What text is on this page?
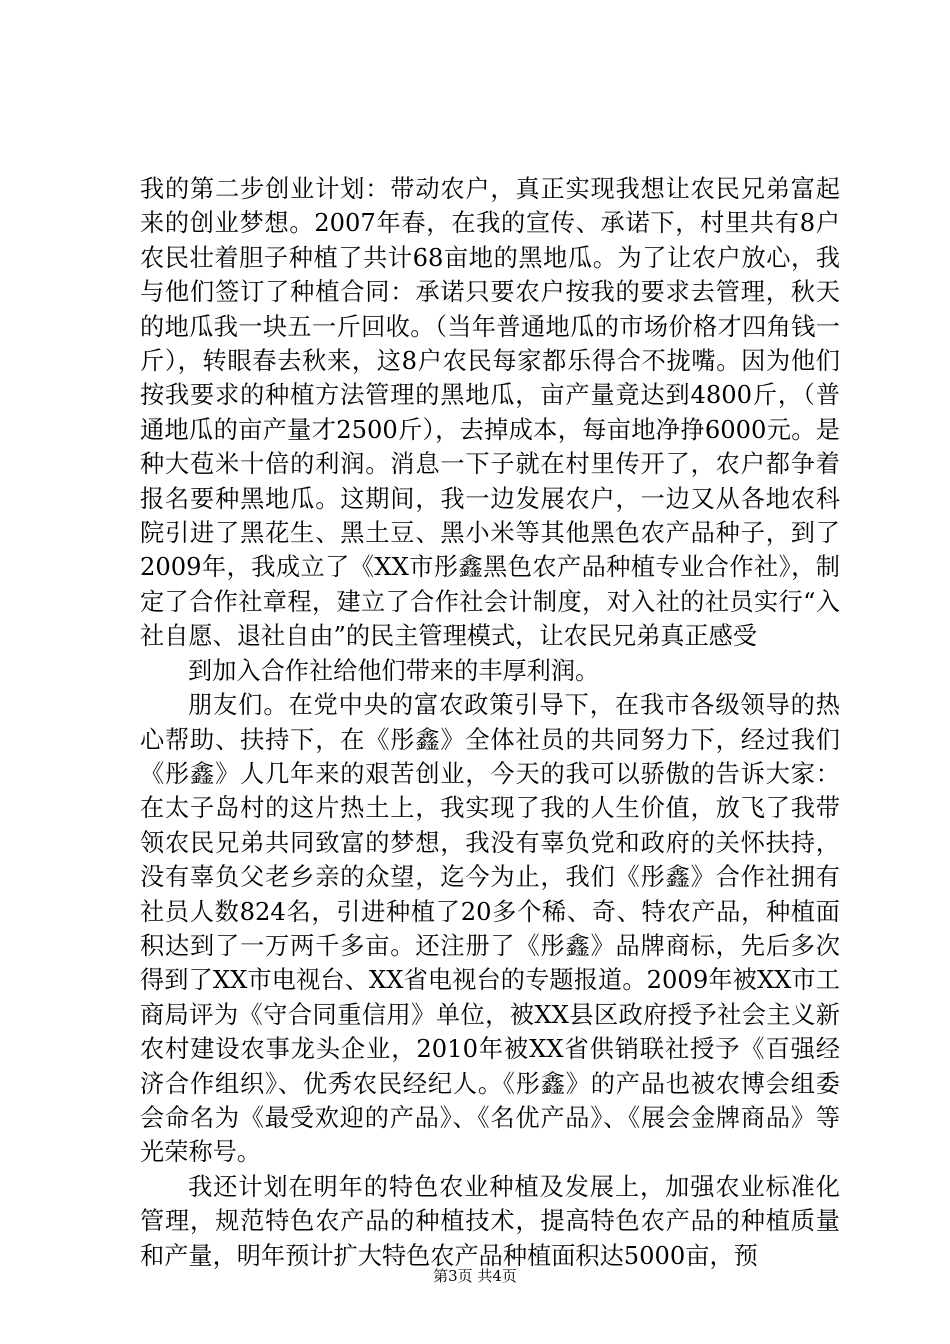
我的第二步创业计划：带动农户，真正实现我想让农民兄弟富起来的创业梦想。2007年春，在我的宣传、承诺下，村里共有8户农民壮着胆子种植了共计68亩地的黑地瓜。为了让农户放心，我与他们签订了种植合同：承诺只要农户按我的要求去管理，秋天的地瓜我一块五一斤回收。（当年普通地瓜的市场价格才四角钱一斤），转眼春去秋来，这8户农民每家都乐得合不拢嘴。因为他们按我要求的种植方法管理的黑地瓜，亩产量竟达到4800斤，（普通地瓜的亩产量才2500斤），去掉成本，每亩地净挣6000元。是种大苞米十倍的利润。消息一下子就在村里传开了，农户都争着报名要种黑地瓜。这期间，我一边发展农户，一边又从各地农科院引进了黑花生、黑土豆、黑小米等其他黑色农产品种子，到了2009年，我成立了《XX市彤鑫黑色农产品种植专业合作社》，制定了合作社章程，建立了合作社会计制度，对入社的社员实行“入社自愿、退社自由”的民主管理模式，让农民兄弟真正感受

到加入合作社给他们带来的丰厚利润。

朋友们。在党中央的富农政策引导下，在我市各级领导的热心帮助、扶持下，在《彤鑫》全体社员的共同努力下，经过我们《彤鑫》人几年来的艰苦创业，今天的我可以骄傲的告诉大家：在太子岛村的这片热土上，我实现了我的人生价值，放飞了我带领农民兄弟共同致富的梦想，我没有辜负党和政府的关怀扶持，没有辜负父老乡亲的众望，迄今为止，我们《彤鑫》合作社拥有社员人数824名，引进种植了20多个稀、奇、特农产品，种植面积达到了一万两千多亩。还注册了《彤鑫》品牌商标，先后多次得到了XX市电视台、XX省电视台的专题报道。2009年被XX市工商局评为《守合同重信用》单位，被XX县区政府授予社会主义新农村建设农事龙头企业，2010年被XX省供销联社授予《百强经济合作组织》、优秀农民经纪人。《彤鑫》的产品也被农博会组委会命名为《最受欢迎的产品》、《名优产品》、《展会金牌商品》等光荣称号。

我还计划在明年的特色农业种植及发展上，加强农业标准化管理，规范特色农产品的种植技术，提高特色农产品的种植质量和产量，明年预计扩大特色农产品种植面积达5000亩，预

第3页 共4页
